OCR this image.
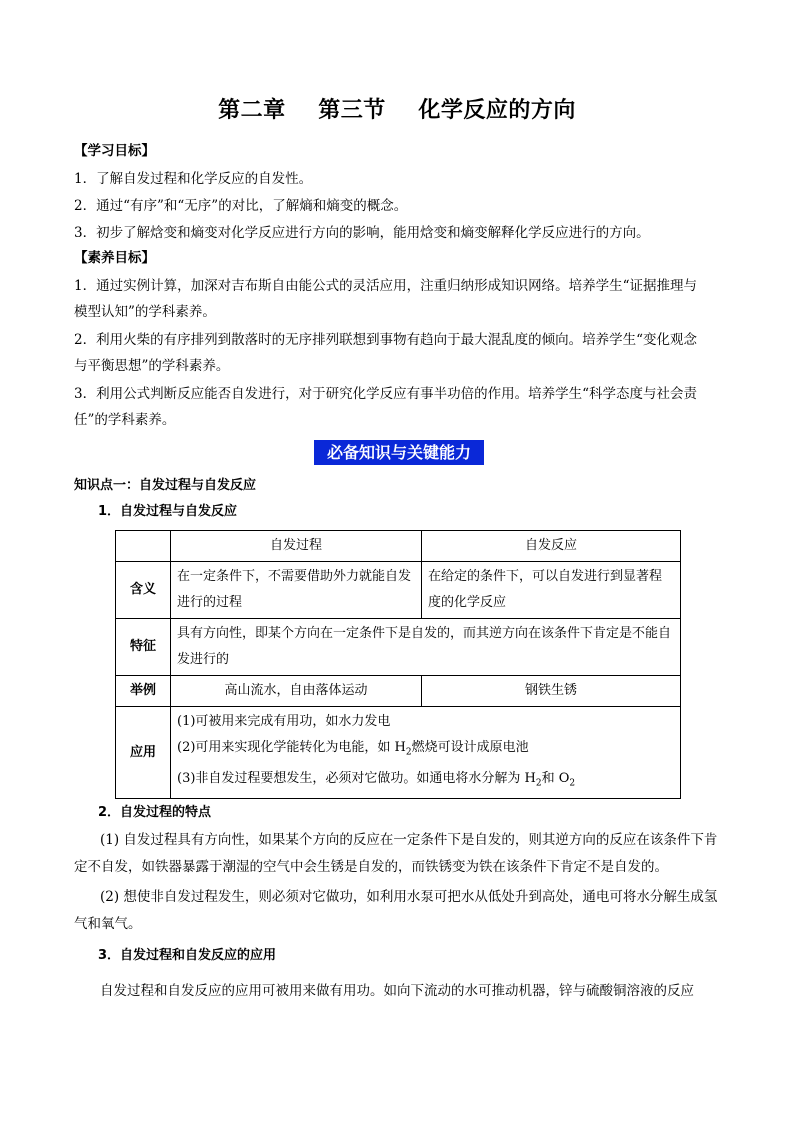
第二章 第三节 化学反应的方向
【学习目标】
1．了解自发过程和化学反应的自发性。
2．通过“有序”和“无序”的对比，了解熵和熵变的概念。
3．初步了解焓变和熵变对化学反应进行方向的影响，能用焓变和熵变解释化学反应进行的方向。
【素养目标】
1．通过实例计算，加深对吉布斯自由能公式的灵活应用，注重归纳形成知识网络。培养学生“证据推理与
模型认知”的学科素养。
2．利用火柴的有序排列到散落时的无序排列联想到事物有趋向于最大混乱度的倾向。培养学生“变化观念
与平衡思想”的学科素养。
3．利用公式判断反应能否自发进行，对于研究化学反应有事半功倍的作用。培养学生“科学态度与社会责
任”的学科素养。
必备知识与关键能力
知识点一：自发过程与自发反应
1．自发过程与自发反应
	自发过程	自发反应
含义	在一定条件下，不需要借助外力就能自发进行的过程	在给定的条件下，可以自发进行到显著程度的化学反应
特征	具有方向性，即某个方向在一定条件下是自发的，而其逆方向在该条件下肯定是不能自发进行的	
举例	高山流水，自由落体运动	钢铁生锈
应用	(1)可被用来完成有用功，如水力发电
(2)可用来实现化学能转化为电能，如 $H_2$燃烧可设计成原电池
(3)非自发过程要想发生，必须对它做功。如通电将水分解为 $H_2$和 $O_2$
2．自发过程的特点
(1) 自发过程具有方向性，如果某个方向的反应在一定条件下是自发的，则其逆方向的反应在该条件下肯定不自发，如铁器暴露于潮湿的空气中会生锈是自发的，而铁锈变为铁在该条件下肯定不是自发的。
(2) 想使非自发过程发生，则必须对它做功，如利用水泵可把水从低处升到高处，通电可将水分解生成氢气和氧气。
3．自发过程和自发反应的应用
自发过程和自发反应的应用可被用来做有用功。如向下流动的水可推动机器，锌与硫酸铜溶液的反应
